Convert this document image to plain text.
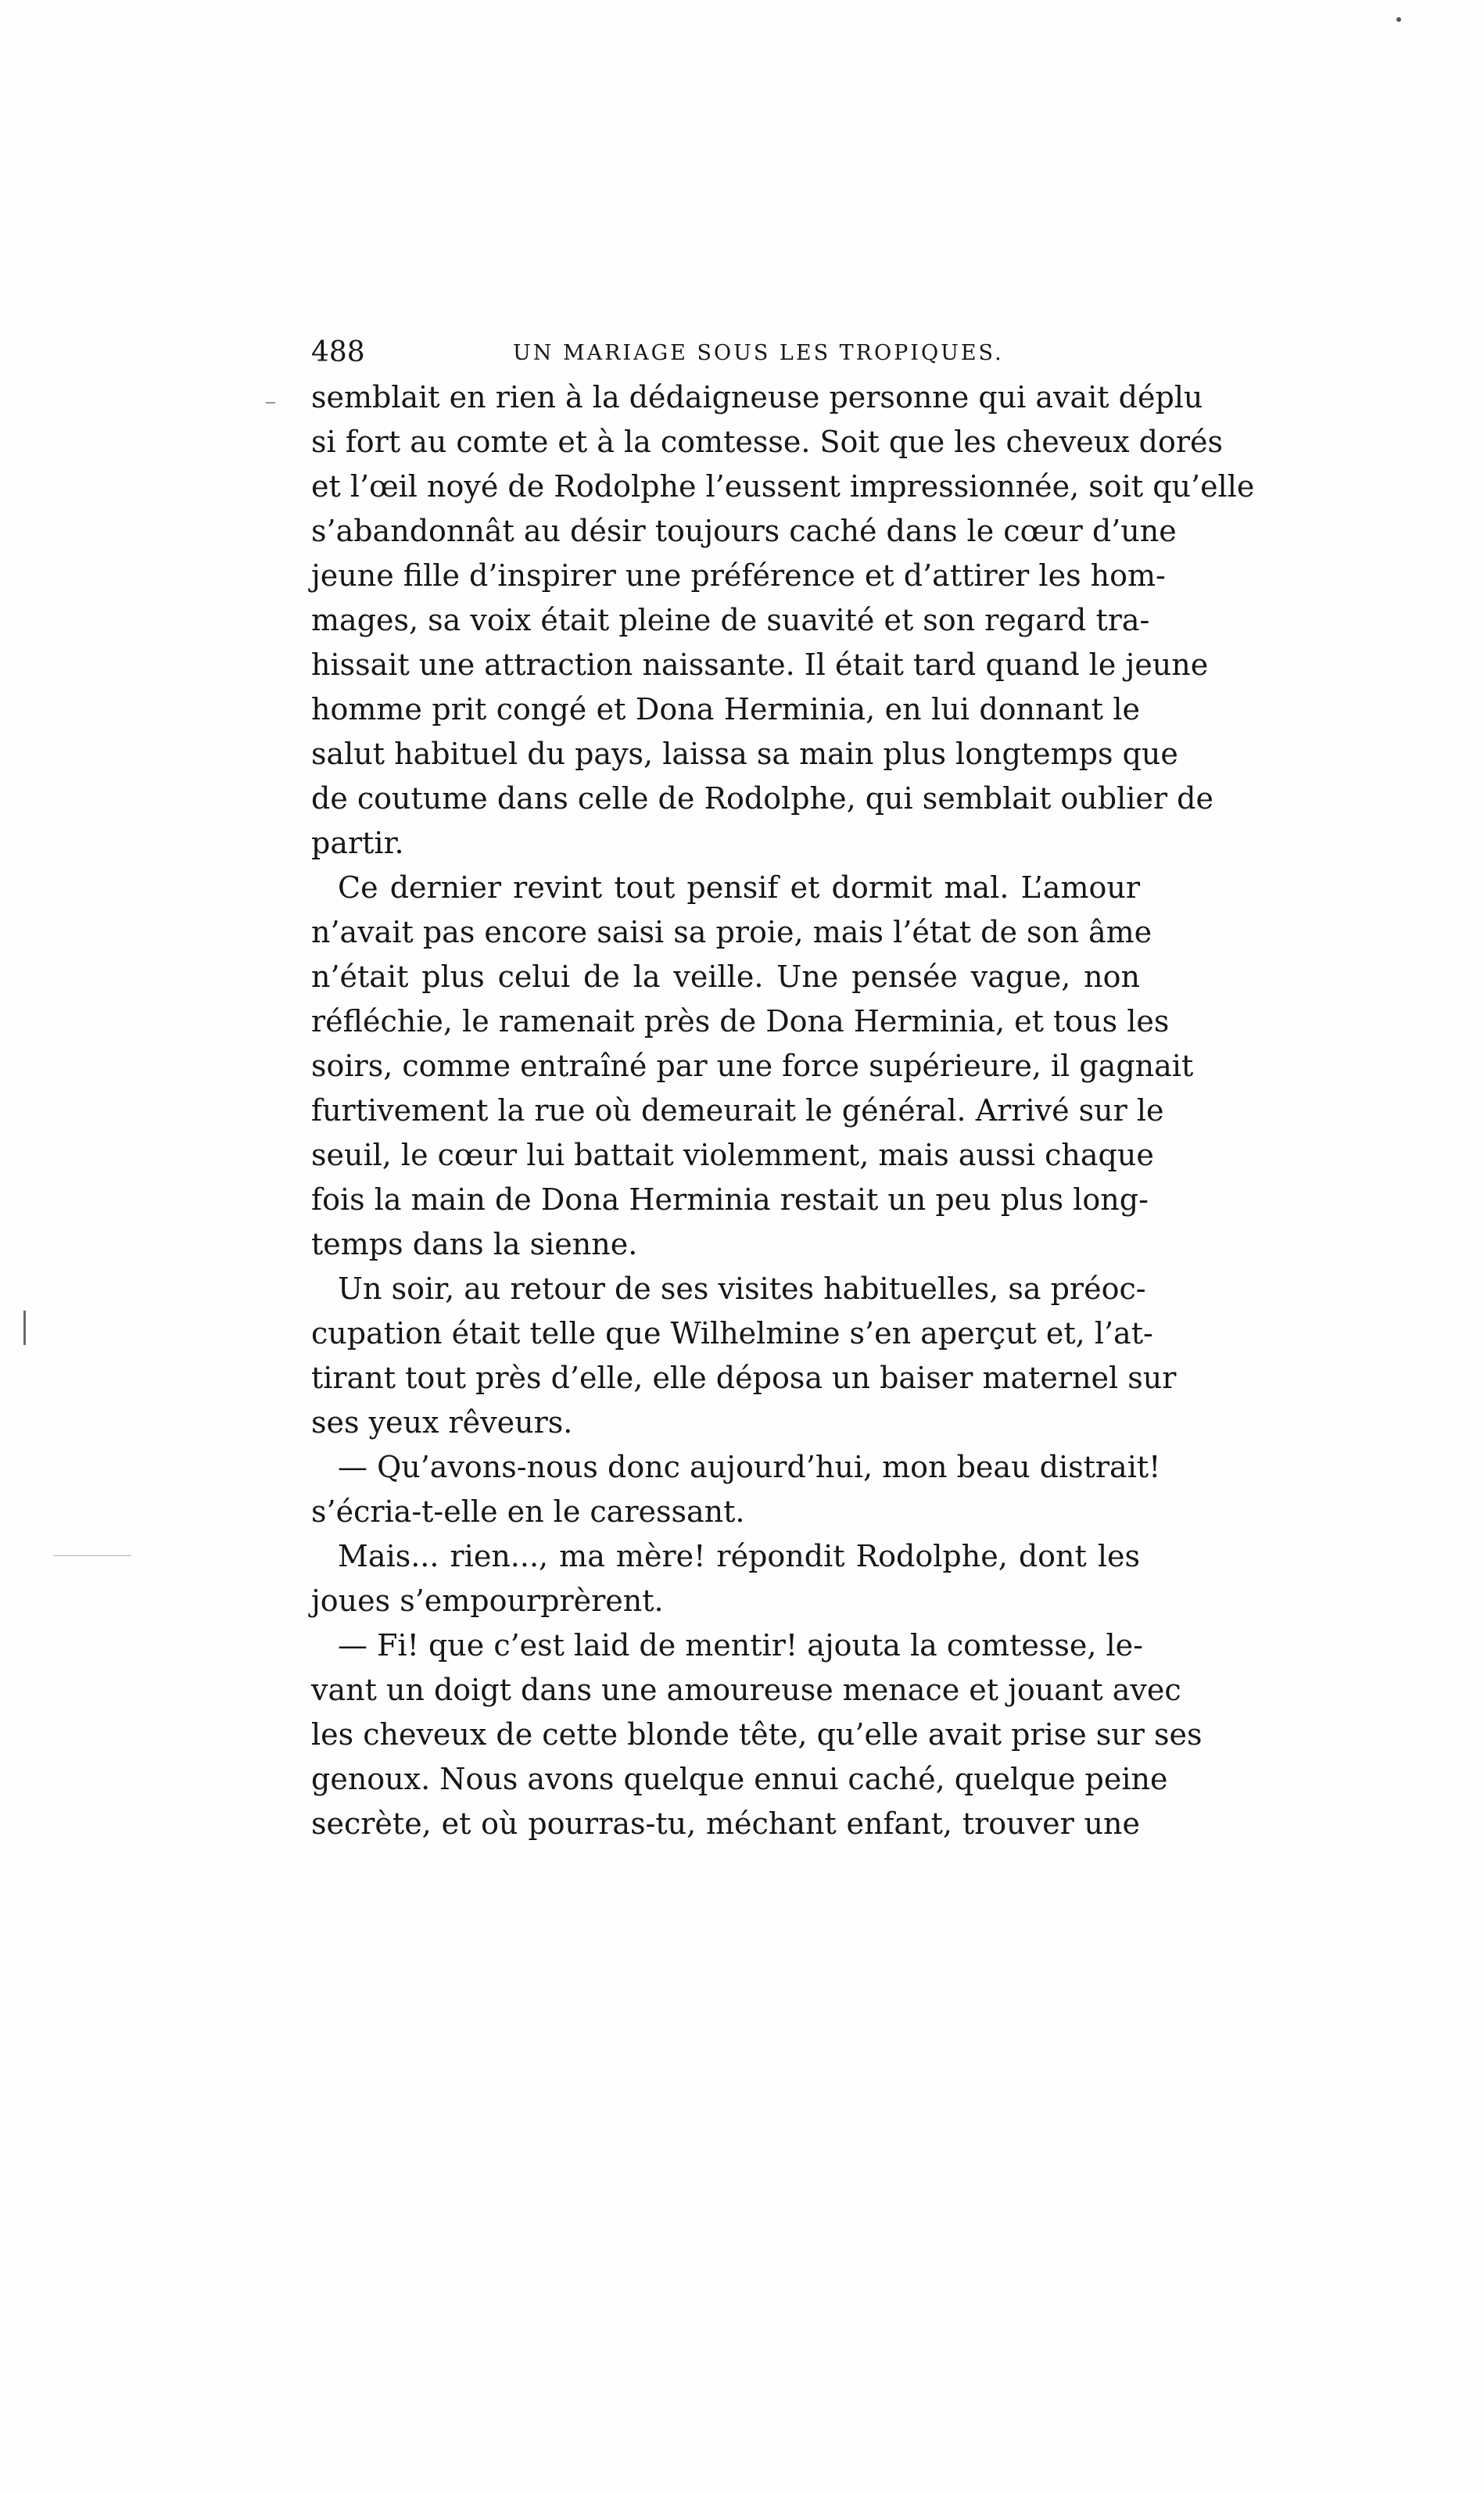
488	UN MARIAGE SOUS LES TROPIQUES.
semblait en rien à la dédaigneuse personne qui avait déplu
si fort au comte et à la comtesse. Soit que les cheveux dorés
et l’œil noyé de Rodolphe l’eussent impressionnée, soit qu’elle
s’abandonnât au désir toujours caché dans le cœur d’une
jeune fille d’inspirer une préférence et d’attirer les hom-
mages, sa voix était pleine de suavité et son regard tra-
hissait une attraction naissante. Il était tard quand le jeune
homme prit congé et Dona Herminia, en lui donnant le
salut habituel du pays, laissa sa main plus longtemps que
de coutume dans celle de Rodolphe, qui semblait oublier de
partir.
Ce dernier revint tout pensif et dormit mal. L’amour
n’avait pas encore saisi sa proie, mais l’état de son âme
n’était plus celui de la veille. Une pensée vague, non
réfléchie, le ramenait près de Dona Herminia, et tous les
soirs, comme entraîné par une force supérieure, il gagnait
furtivement la rue où demeurait le général. Arrivé sur le
seuil, le cœur lui battait violemment, mais aussi chaque
fois la main de Dona Herminia restait un peu plus long-
temps dans la sienne.
Un soir, au retour de ses visites habituelles, sa préoc-
cupation était telle que Wilhelmine s’en aperçut et, l’at-
tirant tout près d’elle, elle déposa un baiser maternel sur
ses yeux rêveurs.
— Qu’avons-nous donc aujourd’hui, mon beau distrait!
s’écria-t-elle en le caressant.
Mais... rien..., ma mère! répondit Rodolphe, dont les
joues s’empourprèrent.
— Fi! que c’est laid de mentir! ajouta la comtesse, le-
vant un doigt dans une amoureuse menace et jouant avec
les cheveux de cette blonde tête, qu’elle avait prise sur ses
genoux. Nous avons quelque ennui caché, quelque peine
secrète, et où pourras-tu, méchant enfant, trouver une
